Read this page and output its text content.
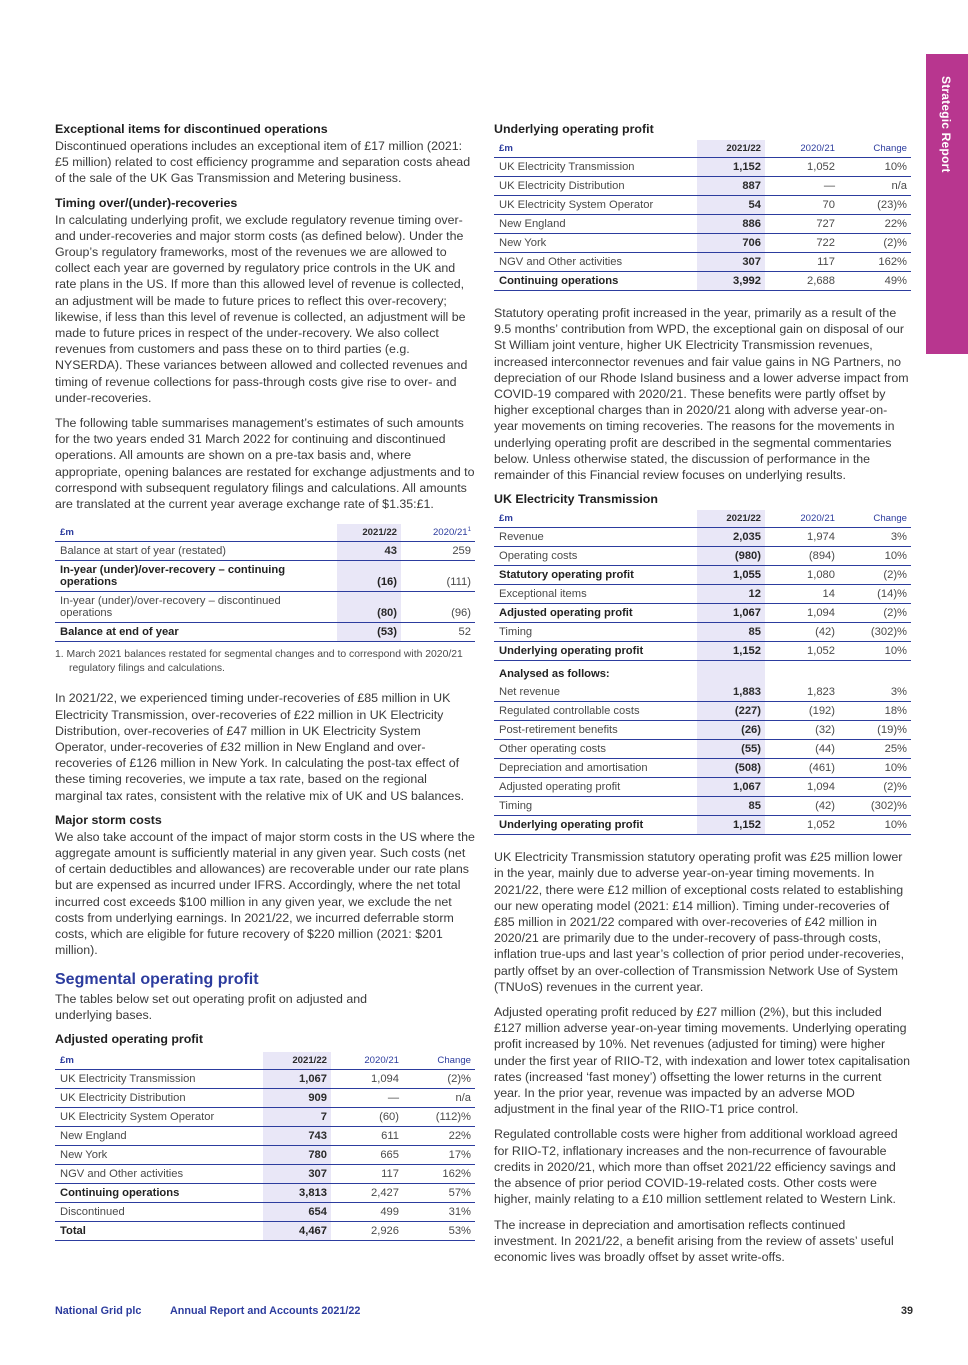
Strategic Report
Exceptional items for discontinued operations

Discontinued operations includes an exceptional item of £17 million (2021: £5 million) related to cost efficiency programme and separation costs ahead of the sale of the UK Gas Transmission and Metering business.

Timing over/(under)-recoveries

In calculating underlying profit, we exclude regulatory revenue timing over- and under-recoveries and major storm costs (as defined below). Under the Group’s regulatory frameworks, most of the revenues we are allowed to collect each year are governed by regulatory price controls in the UK and rate plans in the US. If more than this allowed level of revenue is collected, an adjustment will be made to future prices to reflect this over-recovery; likewise, if less than this level of revenue is collected, an adjustment will be made to future prices in respect of the under-recovery. We also collect revenues from customers and pass these on to third parties (e.g. NYSERDA). These variances between allowed and collected revenues and timing of revenue collections for pass-through costs give rise to over- and under-recoveries.

The following table summarises management’s estimates of such amounts for the two years ended 31 March 2022 for continuing and discontinued operations. All amounts are shown on a pre-tax basis and, where appropriate, opening balances are restated for exchange adjustments and to correspond with subsequent regulatory filings and calculations. All amounts are translated at the current year average exchange rate of $1.35:£1.

£m	2021/22	$2020/21^1$
Balance at start of year (restated)	43	259
In-year (under)/over-recovery – continuing operations	(16)	(111)
In-year (under)/over-recovery – discontinued operations	(80)	(96)
Balance at end of year	(53)	52
1. March 2021 balances restated for segmental changes and to correspond with 2020/21 regulatory filings and calculations.

In 2021/22, we experienced timing under-recoveries of £85 million in UK Electricity Transmission, over-recoveries of £22 million in UK Electricity Distribution, over-recoveries of £47 million in UK Electricity System Operator, under-recoveries of £32 million in New England and over-recoveries of £126 million in New York. In calculating the post-tax effect of these timing recoveries, we impute a tax rate, based on the regional marginal tax rates, consistent with the relative mix of UK and US balances.

Major storm costs

We also take account of the impact of major storm costs in the US where the aggregate amount is sufficiently material in any given year. Such costs (net of certain deductibles and allowances) are recoverable under our rate plans but are expensed as incurred under IFRS. Accordingly, where the net total incurred cost exceeds $100 million in any given year, we exclude the net costs from underlying earnings. In 2021/22, we incurred deferrable storm costs, which are eligible for future recovery of $220 million (2021: $201 million).

Segmental operating profit

The tables below set out operating profit on adjusted and underlying bases.

Adjusted operating profit
£m	2021/22	2020/21	Change
UK Electricity Transmission	1,067	1,094	(2)%
UK Electricity Distribution	909	—	n/a
UK Electricity System Operator	7	(60)	(112)%
New England	743	611	22%
New York	780	665	17%
NGV and Other activities	307	117	162%
Continuing operations	3,813	2,427	57%
Discontinued	654	499	31%
Total	4,467	2,926	53%
Underlying operating profit
£m	2021/22	2020/21	Change
UK Electricity Transmission	1,152	1,052	10%
UK Electricity Distribution	887	—	n/a
UK Electricity System Operator	54	70	(23)%
New England	886	727	22%
New York	706	722	(2)%
NGV and Other activities	307	117	162%
Continuing operations	3,992	2,688	49%

Statutory operating profit increased in the year, primarily as a result of the 9.5 months’ contribution from WPD, the exceptional gain on disposal of our St William joint venture, higher UK Electricity Transmission revenues, increased interconnector revenues and fair value gains in NG Partners, no depreciation of our Rhode Island business and a lower adverse impact from COVID-19 compared with 2020/21. These benefits were partly offset by higher exceptional charges than in 2020/21 along with adverse year-on-year movements on timing recoveries. The reasons for the movements in underlying operating profit are described in the segmental commentaries below. Unless otherwise stated, the discussion of performance in the remainder of this Financial review focuses on underlying results.

UK Electricity Transmission
£m	2021/22	2020/21	Change
Revenue	2,035	1,974	3%
Operating costs	(980)	(894)	10%
Statutory operating profit	1,055	1,080	(2)%
Exceptional items	12	14	(14)%
Adjusted operating profit	1,067	1,094	(2)%
Timing	85	(42)	(302)%
Underlying operating profit	1,152	1,052	10%
Analysed as follows:			
Net revenue	1,883	1,823	3%
Regulated controllable costs	(227)	(192)	18%
Post-retirement benefits	(26)	(32)	(19)%
Other operating costs	(55)	(44)	25%
Depreciation and amortisation	(508)	(461)	10%
Adjusted operating profit	1,067	1,094	(2)%
Timing	85	(42)	(302)%
Underlying operating profit	1,152	1,052	10%

UK Electricity Transmission statutory operating profit was £25 million lower in the year, mainly due to adverse year-on-year timing movements. In 2021/22, there were £12 million of exceptional costs related to establishing our new operating model (2021: £14 million). Timing under-recoveries of £85 million in 2021/22 compared with over-recoveries of £42 million in 2020/21 are primarily due to the under-recovery of pass-through costs, inflation true-ups and last year’s collection of prior period under-recoveries, partly offset by an over-collection of Transmission Network Use of System (TNUoS) revenues in the current year.

Adjusted operating profit reduced by £27 million (2%), but this included £127 million adverse year-on-year timing movements. Underlying operating profit increased by 10%. Net revenues (adjusted for timing) were higher under the first year of RIIO-T2, with indexation and lower totex capitalisation rates (increased ‘fast money’) offsetting the lower returns in the current year. In the prior year, revenue was impacted by an adverse MOD adjustment in the final year of the RIIO-T1 price control.

Regulated controllable costs were higher from additional workload agreed for RIIO-T2, inflationary increases and the non-recurrence of favourable credits in 2020/21, which more than offset 2021/22 efficiency savings and the absence of prior period COVID-19-related costs. Other costs were higher, mainly relating to a £10 million settlement related to Western Link.

The increase in depreciation and amortisation reflects continued investment. In 2021/22, a benefit arising from the review of assets’ useful economic lives was broadly offset by asset write-offs.

National Grid plc	Annual Report and Accounts 2021/22	39
